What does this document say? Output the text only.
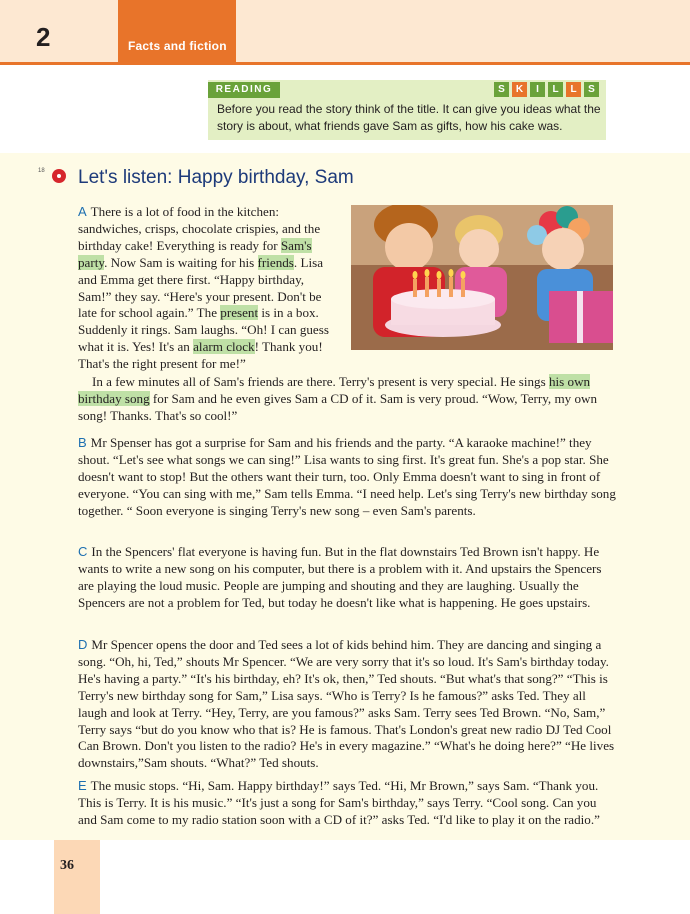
2	Facts and fiction
READING	S	K	I	L	L	S
Before you read the story think of the title. It can give you ideas what the story is about, what friends gave Sam as gifts, how his cake was.
18 Let's listen: Happy birthday, Sam
A There is a lot of food in the kitchen: sandwiches, crisps, chocolate crispies, and the birthday cake! Everything is ready for Sam's party. Now Sam is waiting for his friends. Lisa and Emma get there first. “Happy birthday, Sam!” they say. “Here's your present. Don't be late for school again.” The present is in a box. Suddenly it rings. Sam laughs. “Oh! I can guess what it is. Yes! It's an alarm clock! Thank you! That's the right present for me!”
In a few minutes all of Sam's friends are there. Terry's present is very special. He sings his own birthday song for Sam and he even gives Sam a CD of it. Sam is very proud. “Wow, Terry, my own song! Thanks. That's so cool!”
B Mr Spenser has got a surprise for Sam and his friends and the party. “A karaoke machine!” they shout. “Let's see what songs we can sing!” Lisa wants to sing first. It's great fun. She's a pop star. She doesn't want to stop! But the others want their turn, too. Only Emma doesn't want to sing in front of everyone. “You can sing with me,” Sam tells Emma. “I need help. Let's sing Terry's new birthday song together. “ Soon everyone is singing Terry's new song – even Sam's parents.
C In the Spencers' flat everyone is having fun. But in the flat downstairs Ted Brown isn't happy. He wants to write a new song on his computer, but there is a problem with it. And upstairs the Spencers are playing the loud music. People are jumping and shouting and they are laughing. Usually the Spencers are not a problem for Ted, but today he doesn't like what is happening. He goes upstairs.
D Mr Spencer opens the door and Ted sees a lot of kids behind him. They are dancing and singing a song. “Oh, hi, Ted,” shouts Mr Spencer. “We are very sorry that it's so loud. It's Sam's birthday today. He's having a party.” “It's his birthday, eh? It's ok, then,” Ted shouts. “But what's that song?” “This is Terry's new birthday song for Sam,” Lisa says. “Who is Terry? Is he famous?” asks Ted. They all laugh and look at Terry. “Hey, Terry, are you famous?” asks Sam. Terry sees Ted Brown. “No, Sam,” Terry says “but do you know who that is? He is famous. That's London's great new radio DJ Ted Cool Can Brown. Don't you listen to the radio? He's in every magazine.” “What's he doing here?” “He lives downstairs,”Sam shouts. “What?” Ted shouts.
E The music stops. “Hi, Sam. Happy birthday!” says Ted. “Hi, Mr Brown,” says Sam. “Thank you. This is Terry. It is his music.” “It's just a song for Sam's birthday,” says Terry. “Cool song. Can you and Sam come to my radio station soon with a CD of it?” asks Ted. “I'd like to play it on the radio.”
36
